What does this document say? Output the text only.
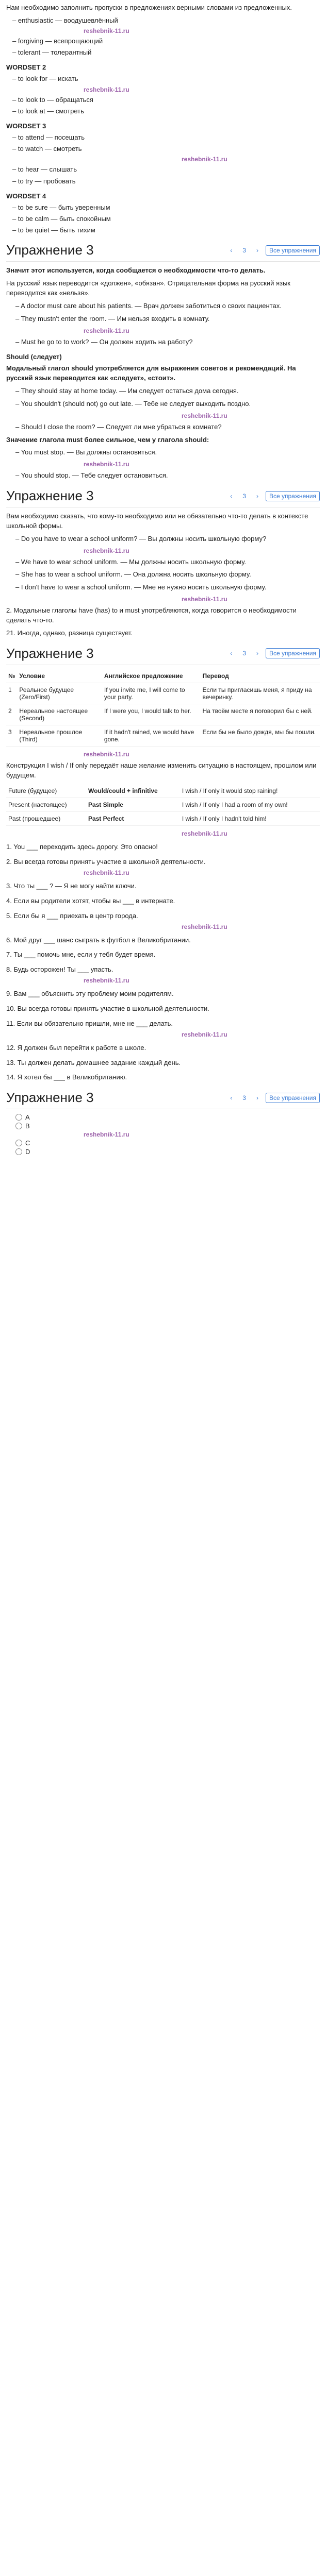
Нам необходимо заполнить пропуски в предложениях верными словами из предложенных.
– enthusiastic — воодушевлённый
reshebnik-11.ru
– forgiving — всепрощающий
– tolerant — толерантный
WORDSET 2
– to look for — искать
reshebnik-11.ru
– to look to — обращаться
– to look at — смотреть
WORDSET 3
– to attend — посещать
– to watch — смотреть
reshebnik-11.ru
– to hear — слышать
– to try — пробовать
WORDSET 4
– to be sure — быть уверенным
– to be calm — быть спокойным
– to be quiet — быть тихим
Упражнение 3	‹	3	›	Все упражнения
Значит этот используется, когда сообщается о необходимости что-то делать.
На русский язык переводится «должен», «обязан». Отрицательная форма на русский язык переводится как «нельзя».
– A doctor must care about his patients. — Врач должен заботиться о своих пациентах.
– They mustn't enter the room. — Им нельзя входить в комнату.
reshebnik-11.ru
– Must he go to to work? — Он должен ходить на работу?
Should (следует)
Модальный глагол should употребляется для выражения советов и рекомендаций. На русский язык переводится как «следует», «стоит».
– They should stay at home today. — Им следует остаться дома сегодня.
– You shouldn't (should not) go out late. — Тебе не следует выходить поздно.
reshebnik-11.ru
– Should I close the room? — Следует ли мне убраться в комнате?
Значение глагола must более сильное, чем у глагола should:
– You must stop. — Вы должны остановиться.
reshebnik-11.ru
– You should stop. — Тебе следует остановиться.
Упражнение 3	‹	3	›	Все упражнения
Вам необходимо сказать, что кому-то необходимо или не обязательно что-то делать в контексте школьной формы.
– Do you have to wear a school uniform? — Вы должны носить школьную форму?
reshebnik-11.ru
– We have to wear school uniform. — Мы должны носить школьную форму.
– She has to wear a school uniform. — Она должна носить школьную форму.
– I don't have to wear a school uniform. — Мне не нужно носить школьную форму.
reshebnik-11.ru
2. Модальные глаголы have (has) to и must употребляются, когда говорится о необходимости сделать что-то.
21. Иногда, однако, разница существует.
Упражнение 3	‹	3	›	Все упражнения
№	Условие	Английское предложение	Перевод
1	Реальное будущее (Zero/First)	If you invite me, I will come to your party.	Если ты пригласишь меня, я приду на вечеринку.
2	Нереальное настоящее (Second)	If I were you, I would talk to her.	На твоём месте я поговорил бы с ней.
3	Нереальное прошлое (Third)	If it hadn't rained, we would have gone.	Если бы не было дождя, мы бы пошли.
reshebnik-11.ru
Конструкция I wish / If only передаёт наше желание изменить ситуацию в настоящем, прошлом или будущем.
Future (будущее)	Would/could + infinitive	I wish / If only it would stop raining!
Present (настоящее)	Past Simple	I wish / If only I had a room of my own!
Past (прошедшее)	Past Perfect	I wish / If only I hadn't told him!
reshebnik-11.ru
1. You ___ переходить здесь дорогу. Это опасно!
2. Вы всегда готовы принять участие в школьной деятельности.
reshebnik-11.ru
3. Что ты ___ ? — Я не могу найти ключи.
4. Если вы родители хотят, чтобы вы ___ в интернате.
5. Если бы я ___ приехать в центр города.
reshebnik-11.ru
6. Мой друг ___ шанс сыграть в футбол в Великобритании.
7. Ты ___ помочь мне, если у тебя будет время.
8. Будь осторожен! Ты ___ упасть.
reshebnik-11.ru
9. Вам ___ объяснить эту проблему моим родителям.
10. Вы всегда готовы принять участие в школьной деятельности.
11. Если вы обязательно пришли, мне не ___ делать.
reshebnik-11.ru
12. Я должен был перейти к работе в школе.
13. Ты должен делать домашнее задание каждый день.
14. Я хотел бы ___ в Великобританию.
Упражнение 3	‹	3	›	Все упражнения
A
B
reshebnik-11.ru
C
D
